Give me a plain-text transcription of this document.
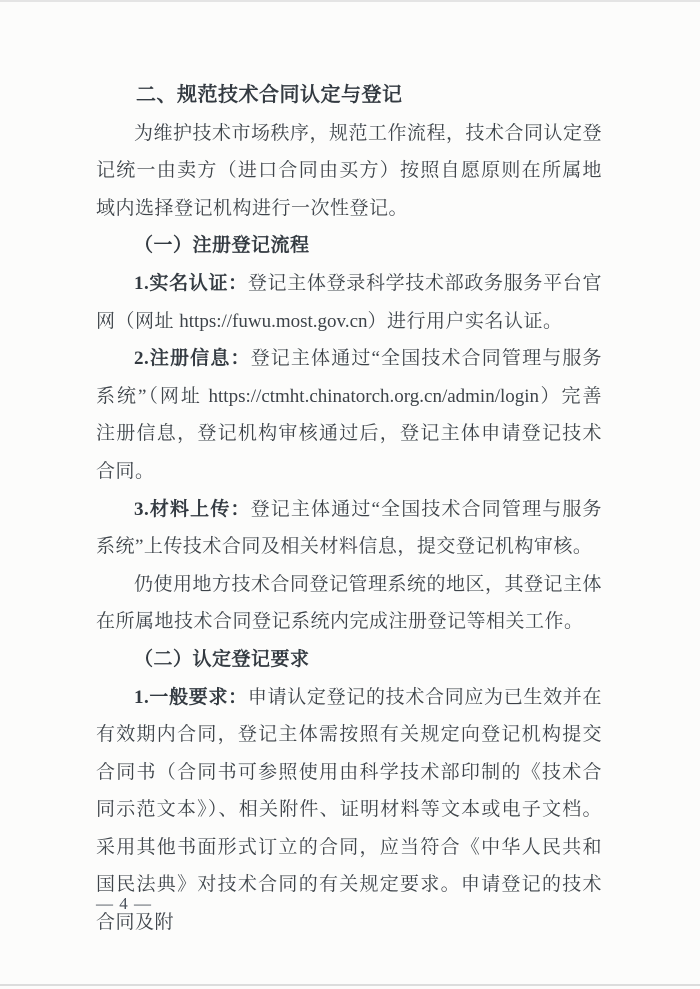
二、规范技术合同认定与登记

为维护技术市场秩序，规范工作流程，技术合同认定登记统一由卖方（进口合同由买方）按照自愿原则在所属地域内选择登记机构进行一次性登记。

（一）注册登记流程

1.实名认证：登记主体登录科学技术部政务服务平台官网（网址 https://fuwu.most.gov.cn）进行用户实名认证。

2.注册信息：登记主体通过“全国技术合同管理与服务系统”（网址 https://ctmht.chinatorch.org.cn/admin/login）完善注册信息，登记机构审核通过后，登记主体申请登记技术合同。

3.材料上传：登记主体通过“全国技术合同管理与服务系统”上传技术合同及相关材料信息，提交登记机构审核。

仍使用地方技术合同登记管理系统的地区，其登记主体在所属地技术合同登记系统内完成注册登记等相关工作。

（二）认定登记要求

1.一般要求：申请认定登记的技术合同应为已生效并在有效期内合同，登记主体需按照有关规定向登记机构提交合同书（合同书可参照使用由科学技术部印制的《技术合同示范文本》）、相关附件、证明材料等文本或电子文档。采用其他书面形式订立的合同，应当符合《中华人民共和国民法典》对技术合同的有关规定要求。申请登记的技术合同及附

— 4 —
